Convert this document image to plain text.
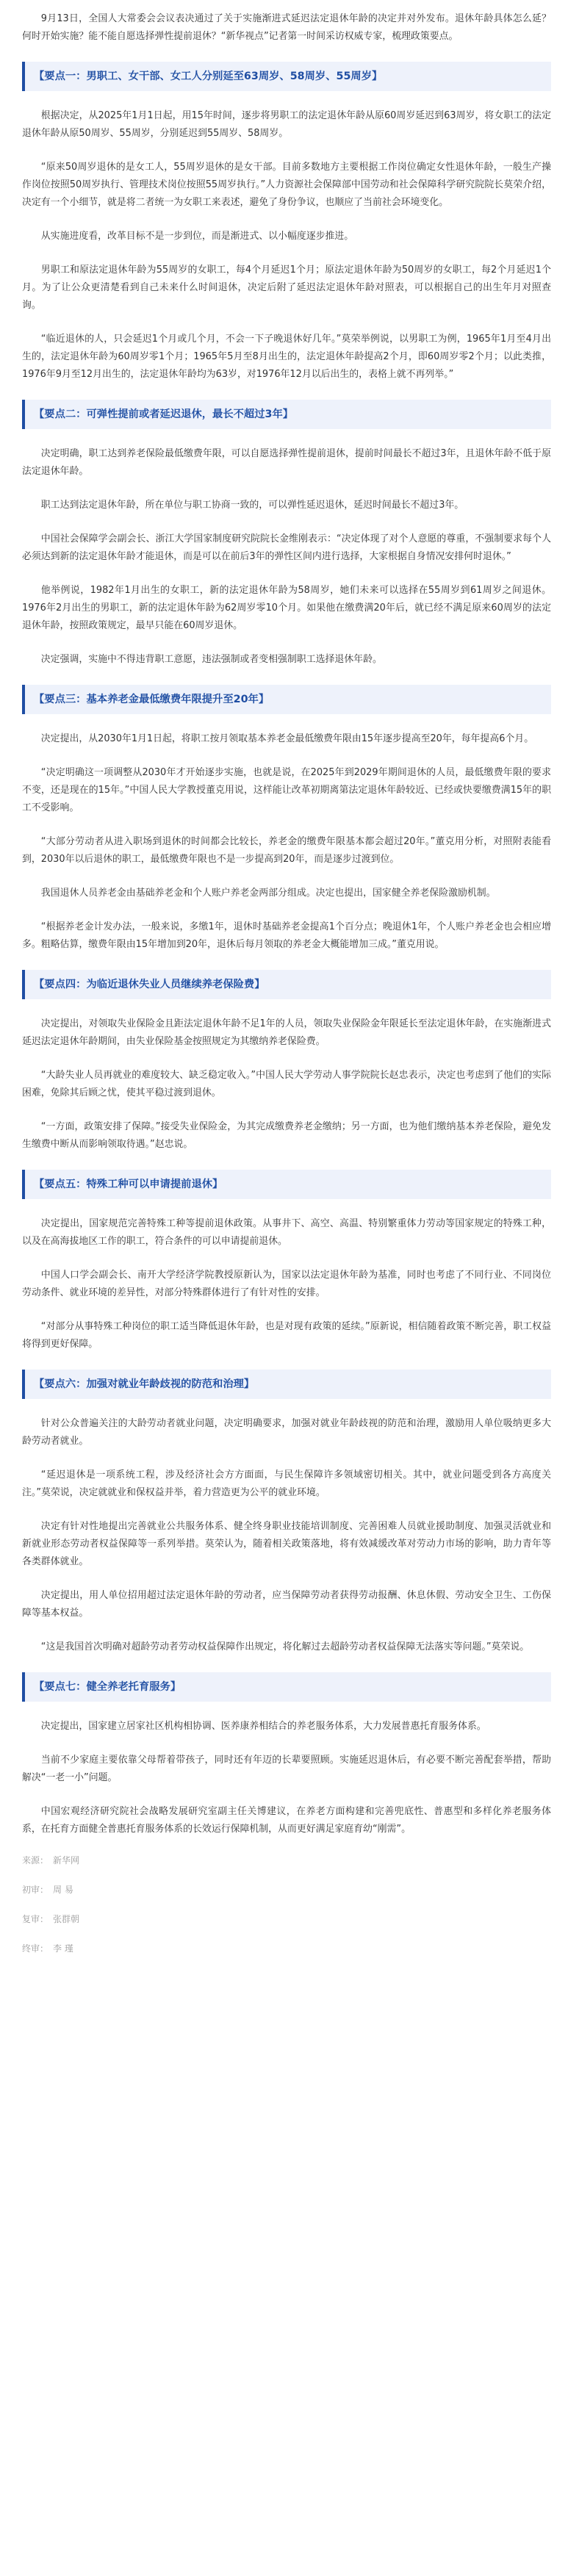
9月13日，全国人大常委会会议表决通过了关于实施渐进式延迟法定退休年龄的决定并对外发布。退休年龄具体怎么延？何时开始实施？能不能自愿选择弹性提前退休？“新华视点”记者第一时间采访权威专家，梳理政策要点。

【要点一：男职工、女干部、女工人分别延至63周岁、58周岁、55周岁】

根据决定，从2025年1月1日起，用15年时间，逐步将男职工的法定退休年龄从原60周岁延迟到63周岁，将女职工的法定退休年龄从原50周岁、55周岁，分别延迟到55周岁、58周岁。

“原来50周岁退休的是女工人，55周岁退休的是女干部。目前多数地方主要根据工作岗位确定女性退休年龄，一般生产操作岗位按照50周岁执行、管理技术岗位按照55周岁执行。”人力资源社会保障部中国劳动和社会保障科学研究院院长莫荣介绍，决定有一个小细节，就是将二者统一为女职工来表述，避免了身份争议，也顺应了当前社会环境变化。

从实施进度看，改革目标不是一步到位，而是渐进式、以小幅度逐步推进。

男职工和原法定退休年龄为55周岁的女职工，每4个月延迟1个月；原法定退休年龄为50周岁的女职工，每2个月延迟1个月。为了让公众更清楚看到自己未来什么时间退休，决定后附了延迟法定退休年龄对照表，可以根据自己的出生年月对照查询。

“临近退休的人，只会延迟1个月或几个月，不会一下子晚退休好几年。”莫荣举例说，以男职工为例，1965年1月至4月出生的，法定退休年龄为60周岁零1个月；1965年5月至8月出生的，法定退休年龄提高2个月，即60周岁零2个月；以此类推，1976年9月至12月出生的，法定退休年龄均为63岁，对1976年12月以后出生的，表格上就不再列举。”

【要点二：可弹性提前或者延迟退休，最长不超过3年】

决定明确，职工达到养老保险最低缴费年限，可以自愿选择弹性提前退休，提前时间最长不超过3年，且退休年龄不低于原法定退休年龄。

职工达到法定退休年龄，所在单位与职工协商一致的，可以弹性延迟退休，延迟时间最长不超过3年。

中国社会保障学会副会长、浙江大学国家制度研究院院长金维刚表示：“决定体现了对个人意愿的尊重，不强制要求每个人必须达到新的法定退休年龄才能退休，而是可以在前后3年的弹性区间内进行选择，大家根据自身情况安排何时退休。”

他举例说，1982年1月出生的女职工，新的法定退休年龄为58周岁，她们未来可以选择在55周岁到61周岁之间退休。1976年2月出生的男职工，新的法定退休年龄为62周岁零10个月。如果他在缴费满20年后，就已经不满足原来60周岁的法定退休年龄，按照政策规定，最早只能在60周岁退休。

决定强调，实施中不得违背职工意愿，违法强制或者变相强制职工选择退休年龄。

【要点三：基本养老金最低缴费年限提升至20年】

决定提出，从2030年1月1日起，将职工按月领取基本养老金最低缴费年限由15年逐步提高至20年，每年提高6个月。

“决定明确这一项调整从2030年才开始逐步实施，也就是说，在2025年到2029年期间退休的人员，最低缴费年限的要求不变，还是现在的15年。”中国人民大学教授董克用说，这样能让改革初期离第法定退休年龄较近、已经或快要缴费满15年的职工不受影响。

“大部分劳动者从进入职场到退休的时间都会比较长，养老金的缴费年限基本都会超过20年。”董克用分析，对照附表能看到，2030年以后退休的职工，最低缴费年限也不是一步提高到20年，而是逐步过渡到位。

我国退休人员养老金由基础养老金和个人账户养老金两部分组成。决定也提出，国家健全养老保险激励机制。

“根据养老金计发办法，一般来说，多缴1年，退休时基础养老金提高1个百分点；晚退休1年，个人账户养老金也会相应增多。粗略估算，缴费年限由15年增加到20年，退休后每月领取的养老金大概能增加三成。”董克用说。

【要点四：为临近退休失业人员继续养老保险费】

决定提出，对领取失业保险金且距法定退休年龄不足1年的人员，领取失业保险金年限延长至法定退休年龄，在实施渐进式延迟法定退休年龄期间，由失业保险基金按照规定为其缴纳养老保险费。

“大龄失业人员再就业的难度较大、缺乏稳定收入。”中国人民大学劳动人事学院院长赵忠表示，决定也考虑到了他们的实际困难，免除其后顾之忧，使其平稳过渡到退休。

“一方面，政策安排了保障。”接受失业保险金，为其完成缴费养老金缴纳；另一方面，也为他们缴纳基本养老保险，避免发生缴费中断从而影响领取待遇。”赵忠说。

【要点五：特殊工种可以申请提前退休】

决定提出，国家规范完善特殊工种等提前退休政策。从事井下、高空、高温、特别繁重体力劳动等国家规定的特殊工种，以及在高海拔地区工作的职工，符合条件的可以申请提前退休。

中国人口学会副会长、南开大学经济学院教授原新认为，国家以法定退休年龄为基准，同时也考虑了不同行业、不同岗位劳动条件、就业环境的差异性，对部分特殊群体进行了有针对性的安排。

“对部分从事特殊工种岗位的职工适当降低退休年龄，也是对现有政策的延续。”原新说，相信随着政策不断完善，职工权益将得到更好保障。

【要点六：加强对就业年龄歧视的防范和治理】

针对公众普遍关注的大龄劳动者就业问题，决定明确要求，加强对就业年龄歧视的防范和治理，激励用人单位吸纳更多大龄劳动者就业。

“延迟退休是一项系统工程，涉及经济社会方方面面，与民生保障许多领域密切相关。其中，就业问题受到各方高度关注。”莫荣说，决定就就业和保权益并举，着力营造更为公平的就业环境。

决定有针对性地提出完善就业公共服务体系、健全终身职业技能培训制度、完善困难人员就业援助制度、加强灵活就业和新就业形态劳动者权益保障等一系列举措。莫荣认为，随着相关政策落地，将有效减缓改革对劳动力市场的影响，助力青年等各类群体就业。

决定提出，用人单位招用超过法定退休年龄的劳动者，应当保障劳动者获得劳动报酬、休息休假、劳动安全卫生、工伤保障等基本权益。

“这是我国首次明确对超龄劳动者劳动权益保障作出规定，将化解过去超龄劳动者权益保障无法落实等问题。”莫荣说。

【要点七：健全养老托育服务】

决定提出，国家建立居家社区机构相协调、医养康养相结合的养老服务体系，大力发展普惠托育服务体系。

当前不少家庭主要依靠父母帮着带孩子，同时还有年迈的长辈要照顾。实施延迟退休后，有必要不断完善配套举措，帮助解决“一老一小”问题。

中国宏观经济研究院社会战略发展研究室副主任关博建议，在养老方面构建和完善兜底性、普惠型和多样化养老服务体系，在托育方面健全普惠托育服务体系的长效运行保障机制，从而更好满足家庭育幼“刚需”。

来源： 新华网
初审： 周 易
复审： 张群朝
终审： 李 瑾
